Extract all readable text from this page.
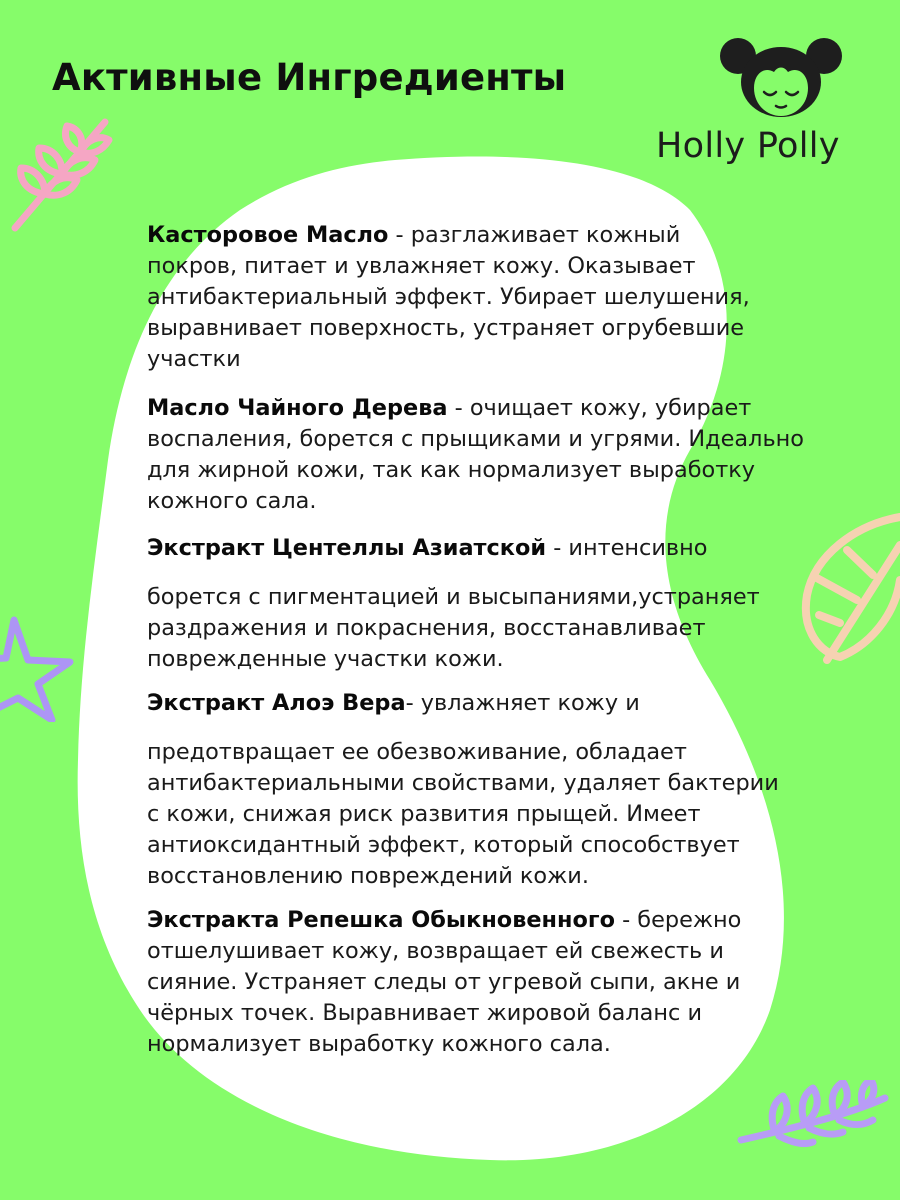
Holly Polly
Активные Ингредиенты

Касторовое Масло - разглаживает кожный

покров, питает и увлажняет кожу. Оказывает

антибактериальный эффект. Убирает шелушения,

выравнивает поверхность, устраняет огрубевшие

участки

Масло Чайного Дерева - очищает кожу, убирает

воспаления, борется с прыщиками и угрями. Идеально

для жирной кожи, так как нормализует выработку

кожного сала.

Экстракт Центеллы Азиатской - интенсивно

борется с пигментацией и высыпаниями,устраняет

раздражения и покраснения, восстанавливает

поврежденные участки кожи.

Экстракт Алоэ Вера- увлажняет кожу и

предотвращает ее обезвоживание, обладает

антибактериальными свойствами, удаляет бактерии

с кожи, снижая риск развития прыщей. Имеет

антиоксидантный эффект, который способствует

восстановлению повреждений кожи.

Экстракта Репешка Обыкновенного - бережно

отшелушивает кожу, возвращает ей свежесть и

сияние. Устраняет следы от угревой сыпи, акне и

чёрных точек. Выравнивает жировой баланс и

нормализует выработку кожного сала.
